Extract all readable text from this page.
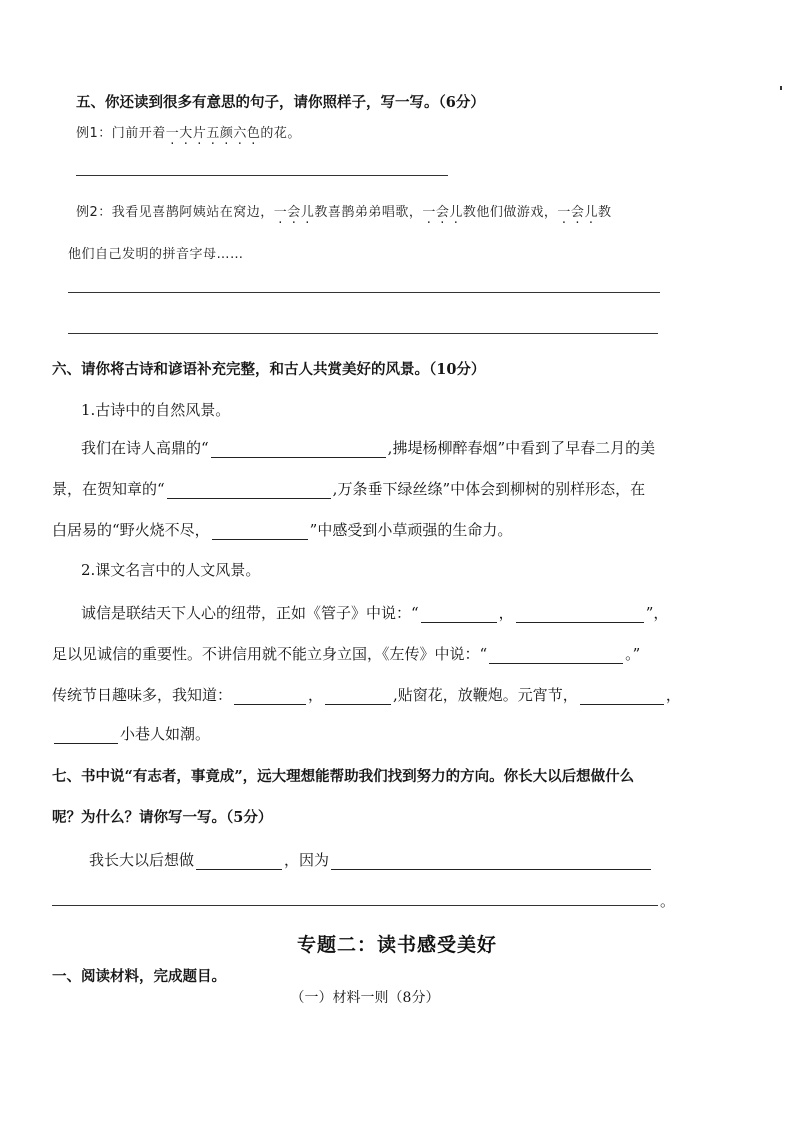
五、你还读到很多有意思的句子，请你照样子，写一写。（6分）
例1：门前开着一大片五颜六色的花。
例2：我看见喜鹊阿姨站在窝边，一会儿教喜鹊弟弟唱歌，一会儿教他们做游戏，一会儿教
他们自己发明的拼音字母……
六、请你将古诗和谚语补充完整，和古人共赏美好的风景。（10分）
1.古诗中的自然风景。
我们在诗人高鼎的“	,拂堤杨柳醉春烟”中看到了早春二月的美
景，在贺知章的“	,万条垂下绿丝绦”中体会到柳树的别样形态，在
白居易的“野火烧不尽，	”中感受到小草顽强的生命力。
2.课文名言中的人文风景。
诚信是联结天下人心的纽带，正如《管子》中说：“	，	”，
足以见诚信的重要性。不讲信用就不能立身立国，《左传》中说：“	。”
传统节日趣味多，我知道：	，	,贴窗花，放鞭炮。元宵节，	，
小巷人如潮。
七、书中说“有志者，事竟成”，远大理想能帮助我们找到努力的方向。你长大以后想做什么
呢？为什么？请你写一写。（5分）
我长大以后想做	，因为
。
专题二：读书感受美好
一、阅读材料，完成题目。
（一）材料一则（8分）
